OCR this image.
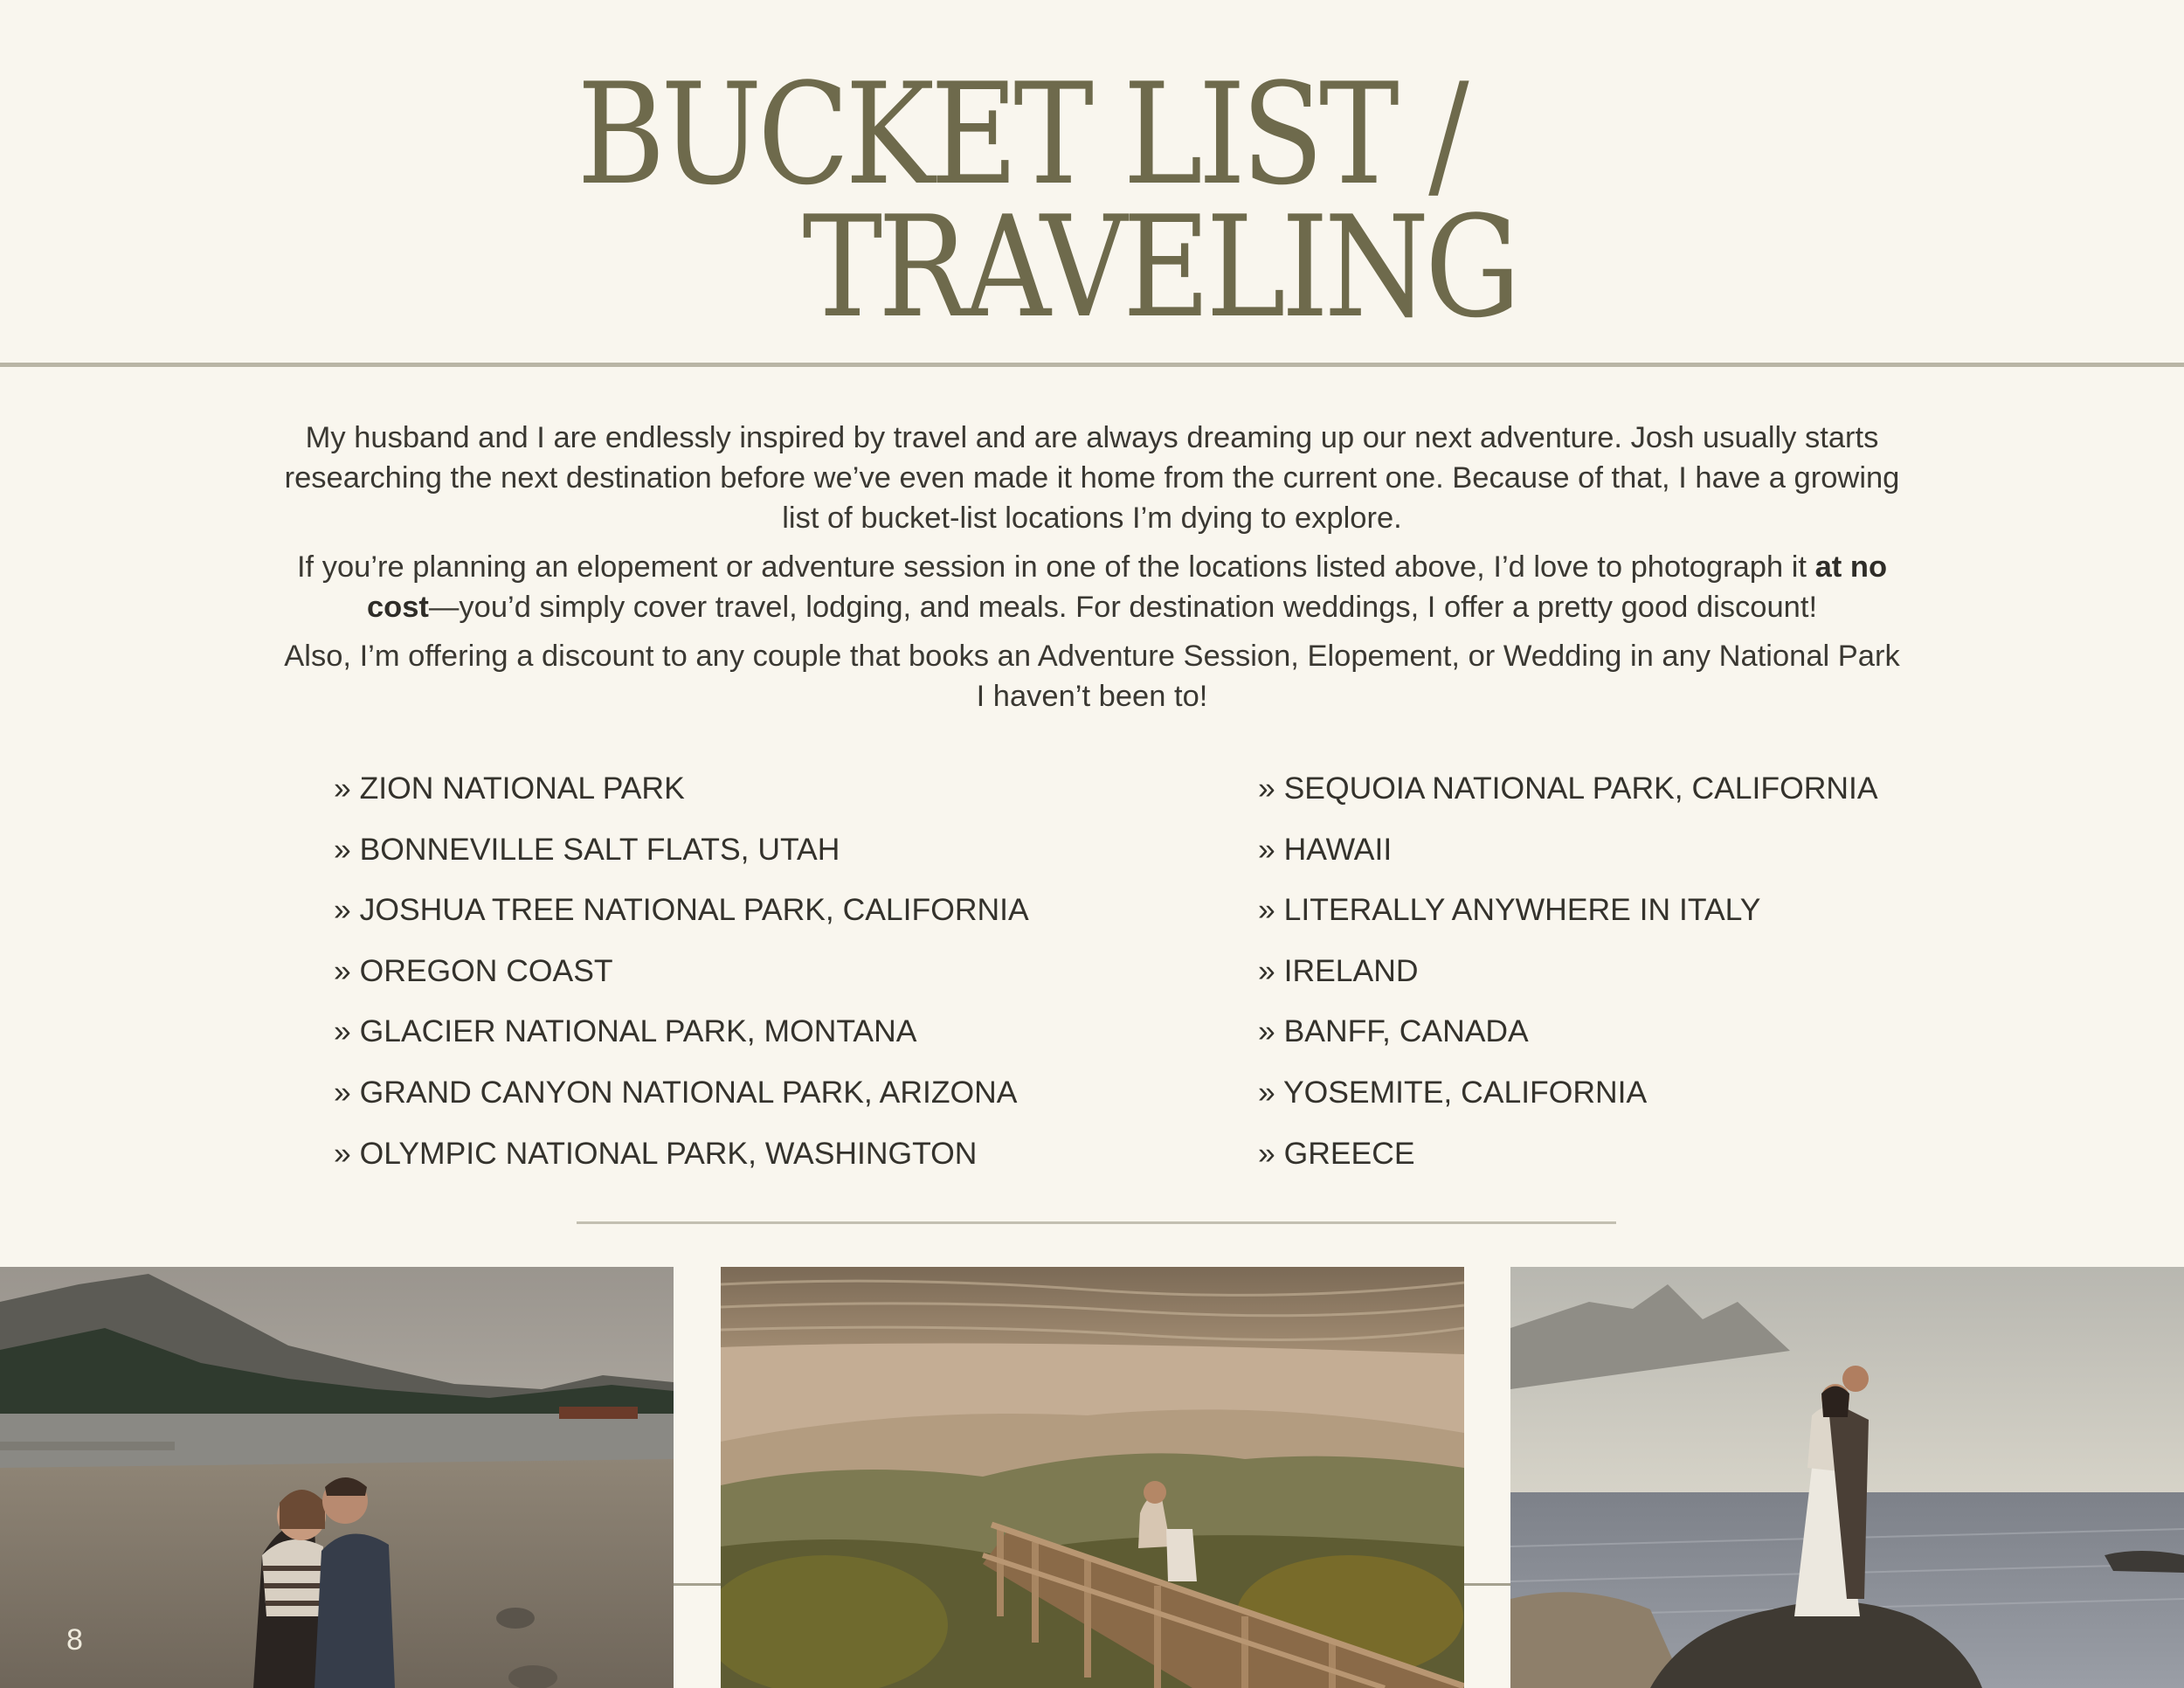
BUCKET LIST /
TRAVELING

My husband and I are endlessly inspired by travel and are always dreaming up our next adventure. Josh usually starts researching the next destination before we’ve even made it home from the current one. Because of that, I have a growing list of bucket-list locations I’m dying to explore.

If you’re planning an elopement or adventure session in one of the locations listed above, I’d love to photograph it at no cost—you’d simply cover travel, lodging, and meals. For destination weddings, I offer a pretty good discount!

Also, I’m offering a discount to any couple that books an Adventure Session, Elopement, or Wedding in any National Park I haven’t been to!

» ZION NATIONAL PARK
» BONNEVILLE SALT FLATS, UTAH
» JOSHUA TREE NATIONAL PARK, CALIFORNIA
» OREGON COAST
» GLACIER NATIONAL PARK, MONTANA
» GRAND CANYON NATIONAL PARK, ARIZONA
» OLYMPIC NATIONAL PARK, WASHINGTON
» SEQUOIA NATIONAL PARK, CALIFORNIA
» HAWAII
» LITERALLY ANYWHERE IN ITALY
» IRELAND
» BANFF, CANADA
» YOSEMITE, CALIFORNIA
» GREECE
8
